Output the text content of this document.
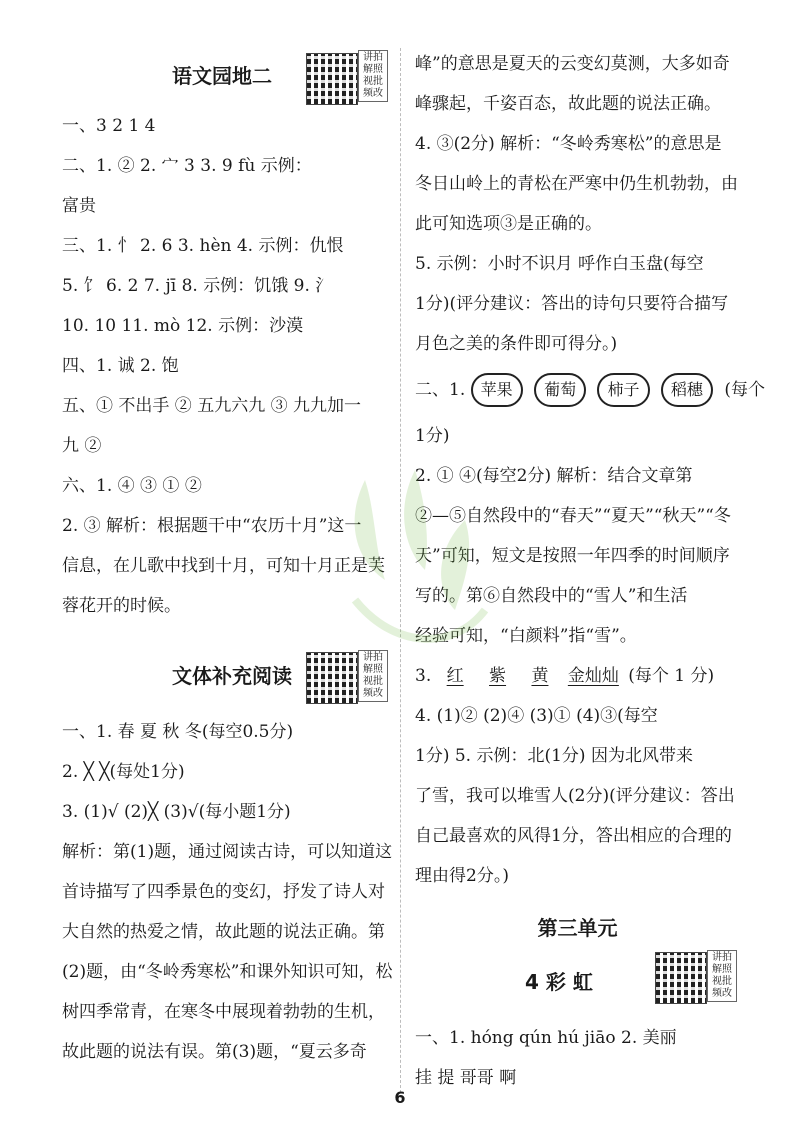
语文园地二
讲拍
解照
视批
频改
一、3 2 1 4
二、1. ② 2. 宀 3 3. 9 fù 示例：
富贵
三、1. 忄 2. 6 3. hèn 4. 示例：仇恨
5. 饣 6. 2 7. jī 8. 示例：饥饿 9. 氵
10. 10 11. mò 12. 示例：沙漠
四、1. 诚 2. 饱
五、① 不出手 ② 五九六九 ③ 九九加一
九 ②
六、1. ④ ③ ① ②
2. ③ 解析：根据题干中“农历十月”这一
信息，在儿歌中找到十月，可知十月正是芙
蓉花开的时候。
文体补充阅读
讲拍
解照
视批
频改
一、1. 春 夏 秋 冬(每空0.5分)
2. ╳ ╳(每处1分)
3. (1)√ (2)╳ (3)√(每小题1分)
解析：第(1)题，通过阅读古诗，可以知道这
首诗描写了四季景色的变幻，抒发了诗人对
大自然的热爱之情，故此题的说法正确。第
(2)题，由“冬岭秀寒松”和课外知识可知，松
树四季常青，在寒冬中展现着勃勃的生机，
故此题的说法有误。第(3)题，“夏云多奇
峰”的意思是夏天的云变幻莫测，大多如奇
峰骤起，千姿百态，故此题的说法正确。
4. ③(2分) 解析：“冬岭秀寒松”的意思是
冬日山岭上的青松在严寒中仍生机勃勃，由
此可知选项③是正确的。
5. 示例：小时不识月 呼作白玉盘(每空
1分)(评分建议：答出的诗句只要符合描写
月色之美的条件即可得分。)
二、1. 苹果 葡萄 柿子 稻穗 (每个
1分)
2. ① ④(每空2分) 解析：结合文章第
②—⑤自然段中的“春天”“夏天”“秋天”“冬
天”可知，短文是按照一年四季的时间顺序
写的。第⑥自然段中的“雪人”和生活
经验可知，“白颜料”指“雪”。
3. 红 紫 黄 金灿灿 (每个 1 分)
4. (1)② (2)④ (3)① (4)③(每空
1分) 5. 示例：北(1分) 因为北风带来
了雪，我可以堆雪人(2分)(评分建议：答出
自己最喜欢的风得1分，答出相应的合理的
理由得2分。)
第三单元
4 彩 虹
讲拍
解照
视批
频改
一、1. hóng qún hú jiāo 2. 美丽
挂 提 哥哥 啊
6
